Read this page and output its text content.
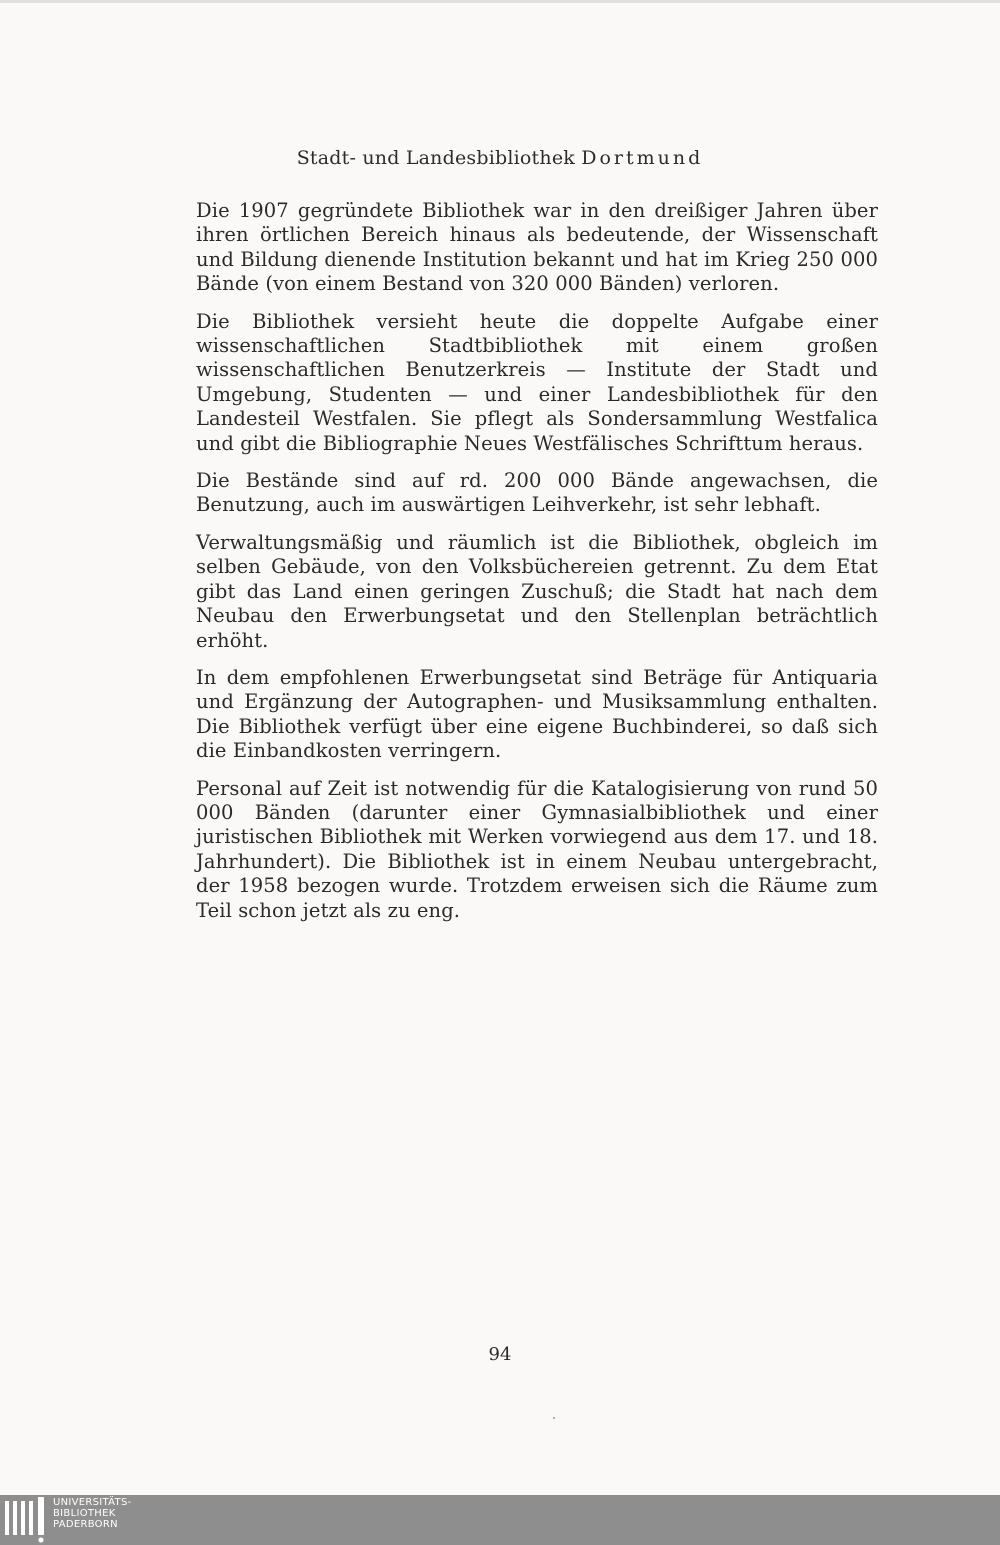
Stadt- und Landesbibliothek Dortmund

Die 1907 gegründete Bibliothek war in den dreißiger Jahren über ihren örtlichen Bereich hinaus als bedeutende, der Wissenschaft und Bildung dienende Institution bekannt und hat im Krieg 250 000 Bände (von einem Bestand von 320 000 Bänden) verloren.

Die Bibliothek versieht heute die doppelte Aufgabe einer wissenschaftlichen Stadtbibliothek mit einem großen wissenschaftlichen Benutzerkreis — Institute der Stadt und Umgebung, Studenten — und einer Landesbibliothek für den Landesteil Westfalen. Sie pflegt als Sondersammlung Westfalica und gibt die Bibliographie Neues Westfälisches Schrifttum heraus.

Die Bestände sind auf rd. 200 000 Bände angewachsen, die Benutzung, auch im auswärtigen Leihverkehr, ist sehr lebhaft.

Verwaltungsmäßig und räumlich ist die Bibliothek, obgleich im selben Gebäude, von den Volksbüchereien getrennt. Zu dem Etat gibt das Land einen geringen Zuschuß; die Stadt hat nach dem Neubau den Erwerbungsetat und den Stellenplan beträchtlich erhöht.

In dem empfohlenen Erwerbungsetat sind Beträge für Antiquaria und Ergänzung der Autographen- und Musiksammlung enthalten. Die Bibliothek verfügt über eine eigene Buchbinderei, so daß sich die Einbandkosten verringern.

Personal auf Zeit ist notwendig für die Katalogisierung von rund 50 000 Bänden (darunter einer Gymnasialbibliothek und einer juristischen Bibliothek mit Werken vorwiegend aus dem 17. und 18. Jahrhundert). Die Bibliothek ist in einem Neubau untergebracht, der 1958 bezogen wurde. Trotzdem erweisen sich die Räume zum Teil schon jetzt als zu eng.

94
UNIVERSITÄTS-
BIBLIOTHEK
PADERBORN
